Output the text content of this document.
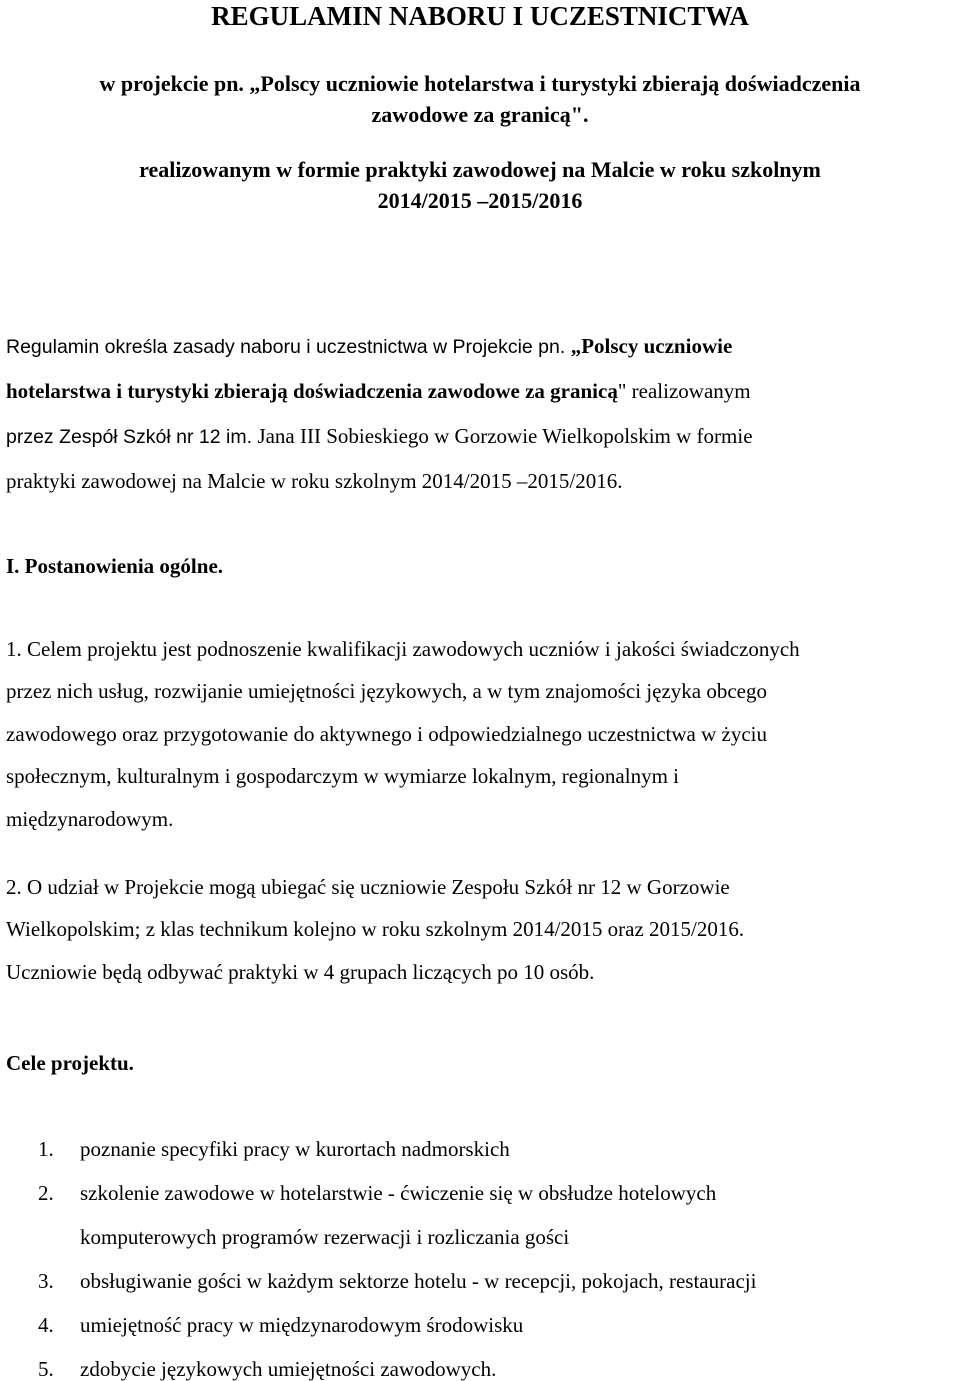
REGULAMIN NABORU I UCZESTNICTWA

w projekcie pn. „Polscy uczniowie hotelarstwa i turystyki zbierają doświadczenia
zawodowe za granicą".

realizowanym w formie praktyki zawodowej na Malcie w roku szkolnym
2014/2015 –2015/2016

Regulamin określa zasady naboru i uczestnictwa w Projekcie pn. „Polscy uczniowie
hotelarstwa i turystyki zbierają doświadczenia zawodowe za granicą" realizowanym
przez Zespół Szkół nr 12 im. Jana III Sobieskiego w Gorzowie Wielkopolskim w formie
praktyki zawodowej na Malcie w roku szkolnym 2014/2015 –2015/2016.

I. Postanowienia ogólne.

1. Celem projektu jest podnoszenie kwalifikacji zawodowych uczniów i jakości świadczonych
przez nich usług, rozwijanie umiejętności językowych, a w tym znajomości języka obcego
zawodowego oraz przygotowanie do aktywnego i odpowiedzialnego uczestnictwa w życiu
społecznym, kulturalnym i gospodarczym w wymiarze lokalnym, regionalnym i
międzynarodowym.

2. O udział w Projekcie mogą ubiegać się uczniowie Zespołu Szkół nr 12 w Gorzowie
Wielkopolskim; z klas technikum kolejno w roku szkolnym 2014/2015 oraz 2015/2016.
Uczniowie będą odbywać praktyki w 4 grupach liczących po 10 osób.

Cele projektu.
1. poznanie specyfiki pracy w kurortach nadmorskich
2. szkolenie zawodowe w hotelarstwie - ćwiczenie się w obsłudze hotelowych
komputerowych programów rezerwacji i rozliczania gości
3. obsługiwanie gości w każdym sektorze hotelu - w recepcji, pokojach, restauracji
4. umiejętność pracy w międzynarodowym środowisku
5. zdobycie językowych umiejętności zawodowych.
